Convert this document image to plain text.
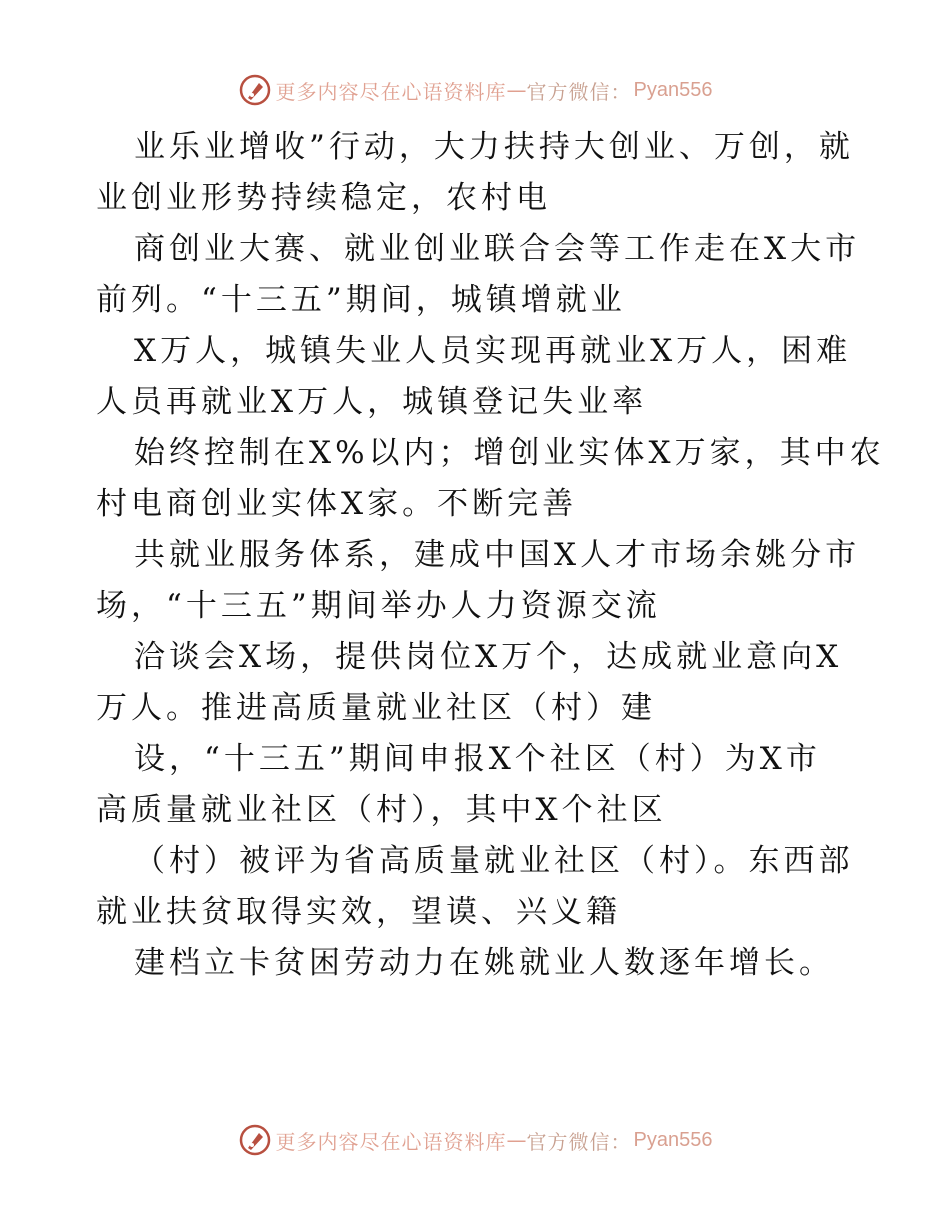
更多内容尽在心语资料库 — 官方微信： Pyan556
业乐业增收”行动，大力扶持大创业、万创，就
业创业形势持续稳定，农村电
商创业大赛、就业创业联合会等工作走在X大市
前列。“十三五”期间，城镇增就业
X万人，城镇失业人员实现再就业X万人，困难
人员再就业X万人，城镇登记失业率
始终控制在X%以内；增创业实体X万家，其中农
村电商创业实体X家。不断完善
共就业服务体系，建成中国X人才市场余姚分市
场，“十三五”期间举办人力资源交流
洽谈会X场，提供岗位X万个，达成就业意向X
万人。推进高质量就业社区（村）建
设，“十三五”期间申报X个社区（村）为X市
高质量就业社区（村），其中X个社区
（村）被评为省高质量就业社区（村）。东西部
就业扶贫取得实效，望谟、兴义籍
建档立卡贫困劳动力在姚就业人数逐年增长。
更多内容尽在心语资料库 — 官方微信： Pyan556
